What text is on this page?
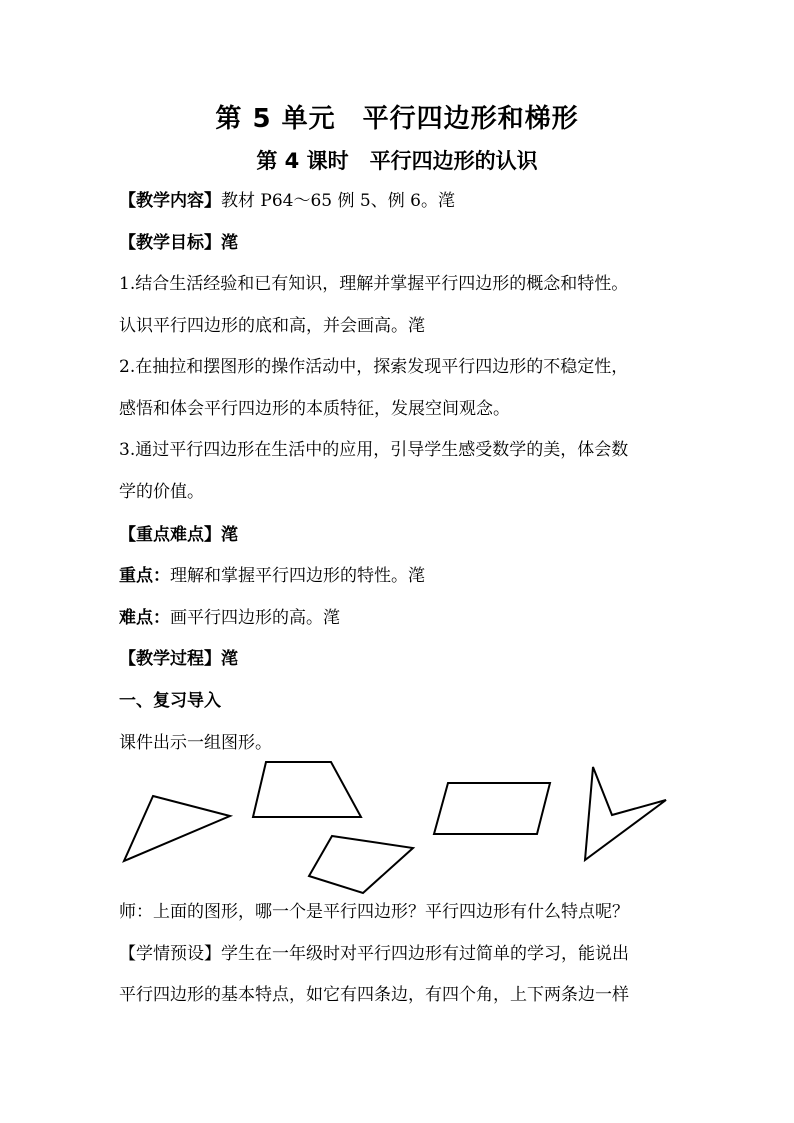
第 5 单元　平行四边形和梯形
第 4 课时　平行四边形的认识
【教学内容】教材 P64～65 例 5、例 6。滗
【教学目标】滗
1.结合生活经验和已有知识，理解并掌握平行四边形的概念和特性。
认识平行四边形的底和高，并会画高。滗
2.在抽拉和摆图形的操作活动中，探索发现平行四边形的不稳定性，
感悟和体会平行四边形的本质特征，发展空间观念。
3.通过平行四边形在生活中的应用，引导学生感受数学的美，体会数
学的价值。
【重点难点】滗
重点：理解和掌握平行四边形的特性。滗
难点：画平行四边形的高。滗
【教学过程】滗
一、复习导入
课件出示一组图形。
师：上面的图形，哪一个是平行四边形？平行四边形有什么特点呢？
【学情预设】学生在一年级时对平行四边形有过简单的学习，能说出
平行四边形的基本特点，如它有四条边，有四个角，上下两条边一样
